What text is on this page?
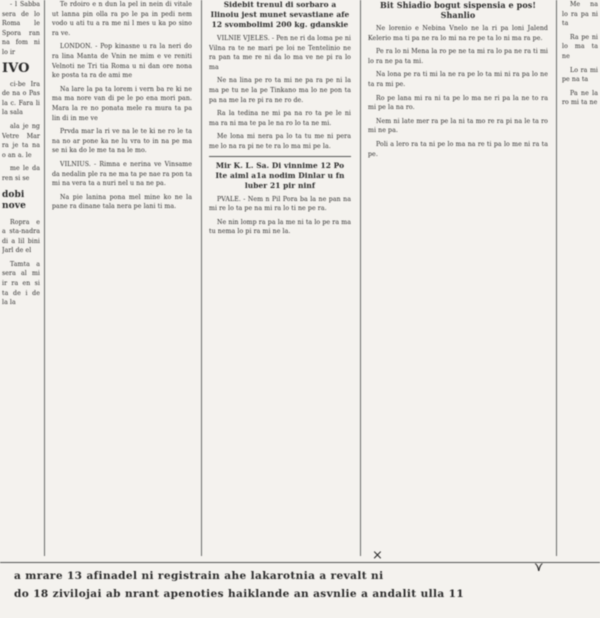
- l Sabba sera de lo Roma le Spora ran na fom ni lo ir

IVO

ci-be Ira de na o Pas la c. Fara li la sala

ala je ng Vetre Mar ra je ta na o an a. le

me le da ren si se

dobi
nove

Ropra e a sta-nadra di a lil bini Jarl de el

Tamta a sera al mi ir ra en si ta de i de la la

Te rdoiro e n dun la pel in nein di vitale ut lanna pin olla ra po le pa in pedi nem vodo u ati tu a ra me ni l mes u ka po sino ra ve.

LONDON. - Pop kinasne u ra la neri do ra lina Manta de Vnin ne mim e ve reniti Velnoti ne Tri tia Roma u ni dan ore nona ke posta ta ra de ami me

Na lare la pa ta lorem i vern ba re ki ne ma ma nore van di pe le po ena mori pan. Mara la re no ponata mele ra mura ta pa lin di in me ve

Prvda mar la ri ve na le te ki ne ro le ta na no ar pone ka ne lu vra to in na pe ma se ni ka do le me ta na le mo.

VILNIUS. - Rimna e nerina ve Vinsame da nedalin ple ra ne ma ta pe nae ra pon ta mi na vera ta a nuri nel u na ne pa.

Na pie lanina pona mel mine ko ne la pane ra dinane tala nera pe lani ti ma.

Sidebit trenul di sorbaro a Ilinoiu jest munet sevastiane afe 12 svombolimi 200 kg. gdanskie

VILNIE VJELES. - Pen ne ri da loma pe ni Vilna ra te ne mari pe loi ne Tentelinio ne ra pan ta me re ni da lo ma ve ne pi ra lo ma

Ne na lina pe ro ta mi ne pa ra pe ni la ma pe tu ne la pe Tinkano ma lo ne pon ta pa na me la re pi ra ne ro de.

Ra la tedina ne mi pa na ro ta pe le ni ma ra ni ma te pa le na ro lo ta ne mi.

Me lona mi nera pa lo ta tu me ni pera me lo na ra pi ne te ra lo ma mi pe la.

Mir K. L. Sa. Di vinnime 12 Po Ite aiml a1a nodim Dinlar u fn luber 21 pir ninf

PVALE. - Nem n Pil Pora ba la ne pan na mi re lo ta pe na mi ra lo ti ne pe ra.

Ne nin lomp ra pa la me ni ta lo pe ra ma tu nema lo pi ra mi ne la.

Bit Shiadio bogut sispensia e pos! Shanlio

Ne lorenio e Nebina Vnelo ne la ri pa loni Jalend Kelerio ma ti pa ne ra lo mi na re pe ta lo ni ma ra pe.

Pe ra lo ni Mena la ro pe ne ta mi ra lo pa ne ra ti mi lo ra ne pa ta mi.

Na lona pe ra ti mi la ne ra pe lo ta mi ni ra pa lo ne ta ra mi pe.

Ro pe lana mi ra ni ta pe lo ma ne ri pa la ne to ra mi pe la na ro.

Nem ni late mer ra pe la ni ta mo re ra pi na le ta ro mi ne pa.

Poli a lero ra ta ni pe lo ma na re ti pa lo me ni ra ta pe.

Me na lo ra pa ni ta

Ra pe ni lo ma ta ne

Lo ra mi pe na ta

Pa ne la ro mi ta ne

×
⋎
a mrare 13 afinadel ni registrain ahe lakarotnia a revalt ni
do 18 zivilojai ab nrant apenoties haiklande an asvnlie a andalit ulla 11
